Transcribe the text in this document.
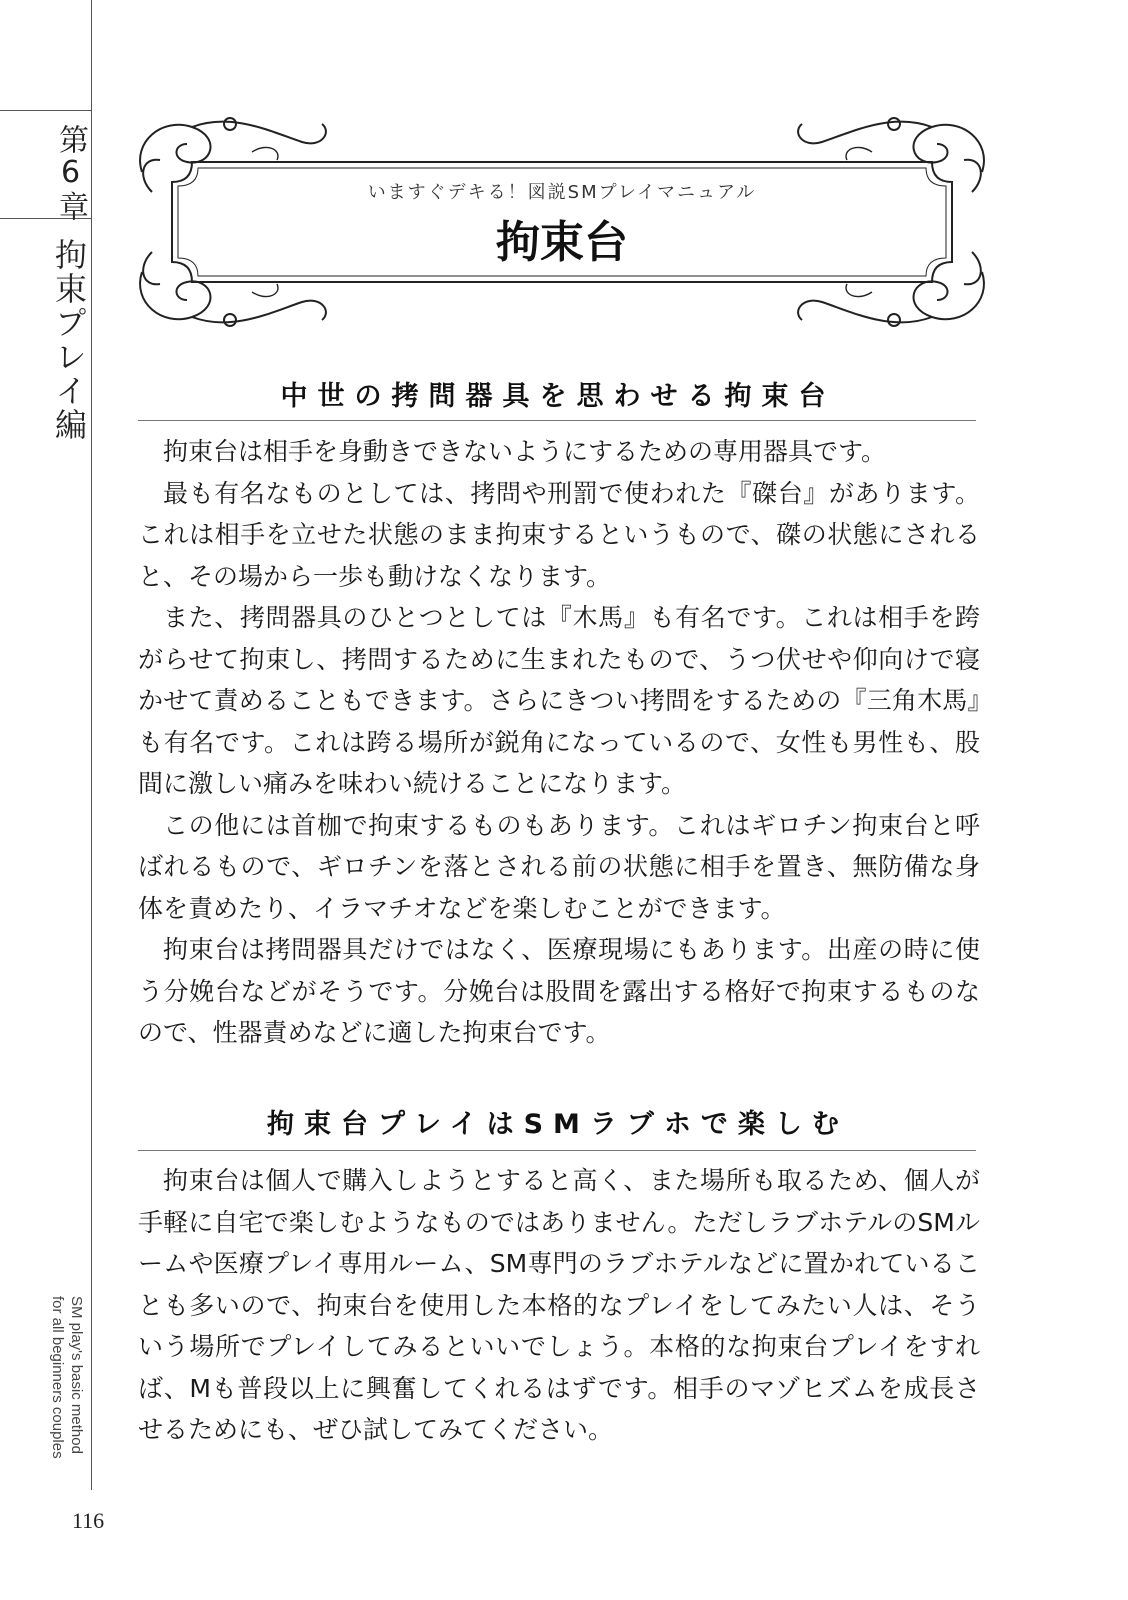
第6章
拘束プレイ編
SM play's basic method
for all beginners couples
116
いますぐデキる！図説SMプレイマニュアル
拘束台
中世の拷問器具を思わせる拘束台

拘束台は相手を身動きできないようにするための専用器具です。

最も有名なものとしては、拷問や刑罰で使われた『磔台』があります。これは相手を立せた状態のまま拘束するというもので、磔の状態にされると、その場から一歩も動けなくなります。

また、拷問器具のひとつとしては『木馬』も有名です。これは相手を跨がらせて拘束し、拷問するために生まれたもので、うつ伏せや仰向けで寝かせて責めることもできます。さらにきつい拷問をするための『三角木馬』も有名です。これは跨る場所が鋭角になっているので、女性も男性も、股間に激しい痛みを味わい続けることになります。

この他には首枷で拘束するものもあります。これはギロチン拘束台と呼ばれるもので、ギロチンを落とされる前の状態に相手を置き、無防備な身体を責めたり、イラマチオなどを楽しむことができます。

拘束台は拷問器具だけではなく、医療現場にもあります。出産の時に使う分娩台などがそうです。分娩台は股間を露出する格好で拘束するものなので、性器責めなどに適した拘束台です。

拘束台プレイはSMラブホで楽しむ

拘束台は個人で購入しようとすると高く、また場所も取るため、個人が手軽に自宅で楽しむようなものではありません。ただしラブホテルのSMルームや医療プレイ専用ルーム、SM専門のラブホテルなどに置かれていることも多いので、拘束台を使用した本格的なプレイをしてみたい人は、そういう場所でプレイしてみるといいでしょう。本格的な拘束台プレイをすれば、Mも普段以上に興奮してくれるはずです。相手のマゾヒズムを成長させるためにも、ぜひ試してみてください。
